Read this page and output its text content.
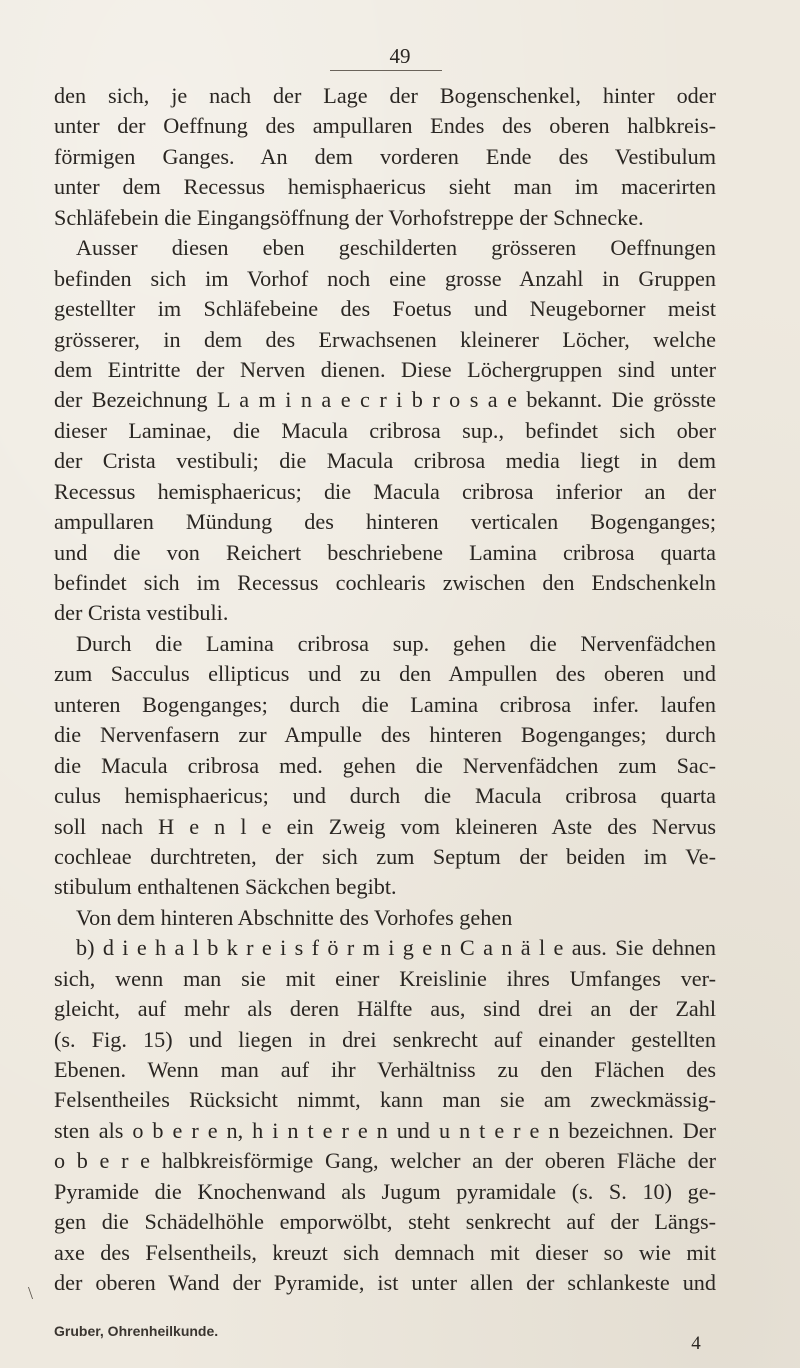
49
den sich, je nach der Lage der Bogenschenkel, hinter oder
unter der Oeffnung des ampullaren Endes des oberen halbkreis-
förmigen Ganges. An dem vorderen Ende des Vestibulum
unter dem Recessus hemisphaericus sieht man im macerirten
Schläfebein die Eingangsöffnung der Vorhofstreppe der Schnecke.
Ausser diesen eben geschilderten grösseren Oeffnungen
befinden sich im Vorhof noch eine grosse Anzahl in Gruppen
gestellter im Schläfebeine des Foetus und Neugeborner meist
grösserer, in dem des Erwachsenen kleinerer Löcher, welche
dem Eintritte der Nerven dienen. Diese Löchergruppen sind unter
der Bezeichnung L a m i n a e c r i b r o s a e bekannt. Die grösste
dieser Laminae, die Macula cribrosa sup., befindet sich ober
der Crista vestibuli; die Macula cribrosa media liegt in dem
Recessus hemisphaericus; die Macula cribrosa inferior an der
ampullaren Mündung des hinteren verticalen Bogenganges;
und die von Reichert beschriebene Lamina cribrosa quarta
befindet sich im Recessus cochlearis zwischen den Endschenkeln
der Crista vestibuli.
Durch die Lamina cribrosa sup. gehen die Nervenfädchen
zum Sacculus ellipticus und zu den Ampullen des oberen und
unteren Bogenganges; durch die Lamina cribrosa infer. laufen
die Nervenfasern zur Ampulle des hinteren Bogenganges; durch
die Macula cribrosa med. gehen die Nervenfädchen zum Sac-
culus hemisphaericus; und durch die Macula cribrosa quarta
soll nach H e n l e ein Zweig vom kleineren Aste des Nervus
cochleae durchtreten, der sich zum Septum der beiden im Ve-
stibulum enthaltenen Säckchen begibt.
Von dem hinteren Abschnitte des Vorhofes gehen
b) d i e h a l b k r e i s f ö r m i g e n C a n ä l e aus. Sie dehnen
sich, wenn man sie mit einer Kreislinie ihres Umfanges ver-
gleicht, auf mehr als deren Hälfte aus, sind drei an der Zahl
(s. Fig. 15) und liegen in drei senkrecht auf einander gestellten
Ebenen. Wenn man auf ihr Verhältniss zu den Flächen des
Felsentheiles Rücksicht nimmt, kann man sie am zweckmässig-
sten als o b e r e n, h i n t e r e n und u n t e r e n bezeichnen. Der
o b e r e halbkreisförmige Gang, welcher an der oberen Fläche der
Pyramide die Knochenwand als Jugum pyramidale (s. S. 10) ge-
gen die Schädelhöhle emporwölbt, steht senkrecht auf der Längs-
axe des Felsentheils, kreuzt sich demnach mit dieser so wie mit
der oberen Wand der Pyramide, ist unter allen der schlankeste und
\
Gruber, Ohrenheilkunde.
4
